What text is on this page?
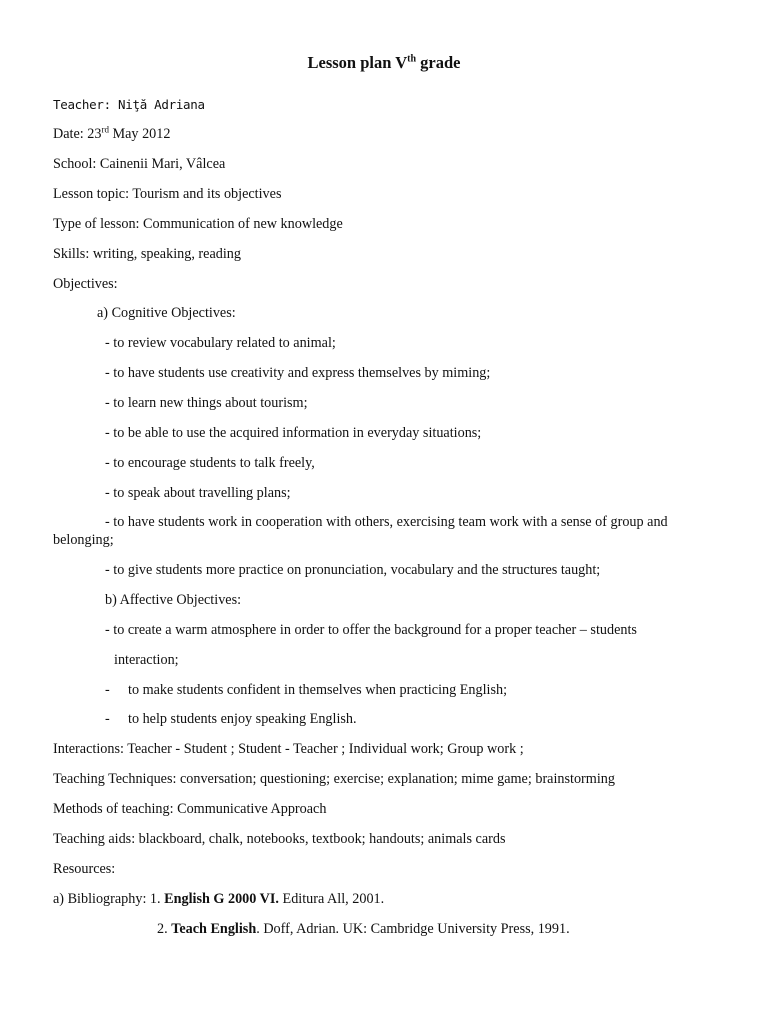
Lesson plan Vth grade
Teacher: Niţă Adriana
Date: 23rd May 2012
School: Cainenii Mari, Vâlcea
Lesson topic: Tourism and its objectives
Type of lesson: Communication of new knowledge
Skills: writing, speaking, reading
Objectives:
a) Cognitive Objectives:
- to review vocabulary related to animal;
- to have students use creativity and express themselves by miming;
- to learn new things about tourism;
- to be able to use the acquired information in everyday situations;
- to encourage students to talk freely,
- to speak about travelling plans;
- to have students work in cooperation with others, exercising team work with a sense of group and
belonging;
- to give students more practice on pronunciation, vocabulary and the structures taught;
b) Affective Objectives:
- to create a warm atmosphere in order to offer the background for a proper teacher – students
interaction;
- to make students confident in themselves when practicing English;
- to help students enjoy speaking English.
Interactions: Teacher - Student ; Student - Teacher ; Individual work; Group work ;
Teaching Techniques: conversation; questioning; exercise; explanation; mime game; brainstorming
Methods of teaching: Communicative Approach
Teaching aids: blackboard, chalk, notebooks, textbook; handouts; animals cards
Resources:
a) Bibliography: 1. English G 2000 VI. Editura All, 2001.
2. Teach English. Doff, Adrian. UK: Cambridge University Press, 1991.
